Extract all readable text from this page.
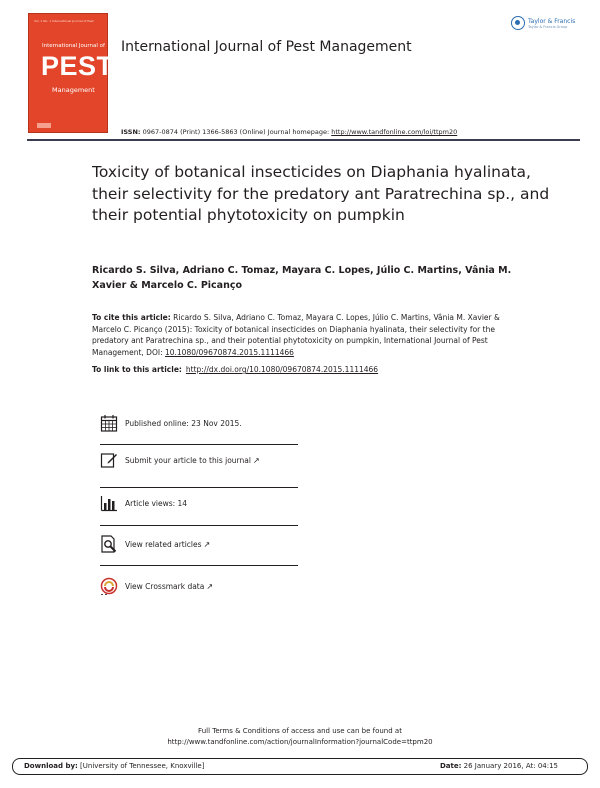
Vol. 1 No. 1 International Journal of Pest
International Journal of
PEST
Management
International Journal of Pest Management
Taylor & Francis
Taylor & Francis Group
ISSN: 0967-0874 (Print) 1366-5863 (Online) Journal homepage: http://www.tandfonline.com/loi/ttpm20
Toxicity of botanical insecticides on Diaphania hyalinata, their selectivity for the predatory ant Paratrechina sp., and their potential phytotoxicity on pumpkin
Ricardo S. Silva, Adriano C. Tomaz, Mayara C. Lopes, Júlio C. Martins, Vânia M. Xavier & Marcelo C. Picanço
To cite this article: Ricardo S. Silva, Adriano C. Tomaz, Mayara C. Lopes, Júlio C. Martins, Vânia M. Xavier & Marcelo C. Picanço (2015): Toxicity of botanical insecticides on Diaphania hyalinata, their selectivity for the predatory ant Paratrechina sp., and their potential phytotoxicity on pumpkin, International Journal of Pest Management, DOI: 10.1080/09670874.2015.1111466
To link to this article: http://dx.doi.org/10.1080/09670874.2015.1111466
Published online: 23 Nov 2015.
Submit your article to this journal ↗
Article views: 14
View related articles ↗
View Crossmark data ↗
Full Terms & Conditions of access and use can be found at
http://www.tandfonline.com/action/journalInformation?journalCode=ttpm20
Download by: [University of Tennessee, Knoxville]	Date: 26 January 2016, At: 04:15
